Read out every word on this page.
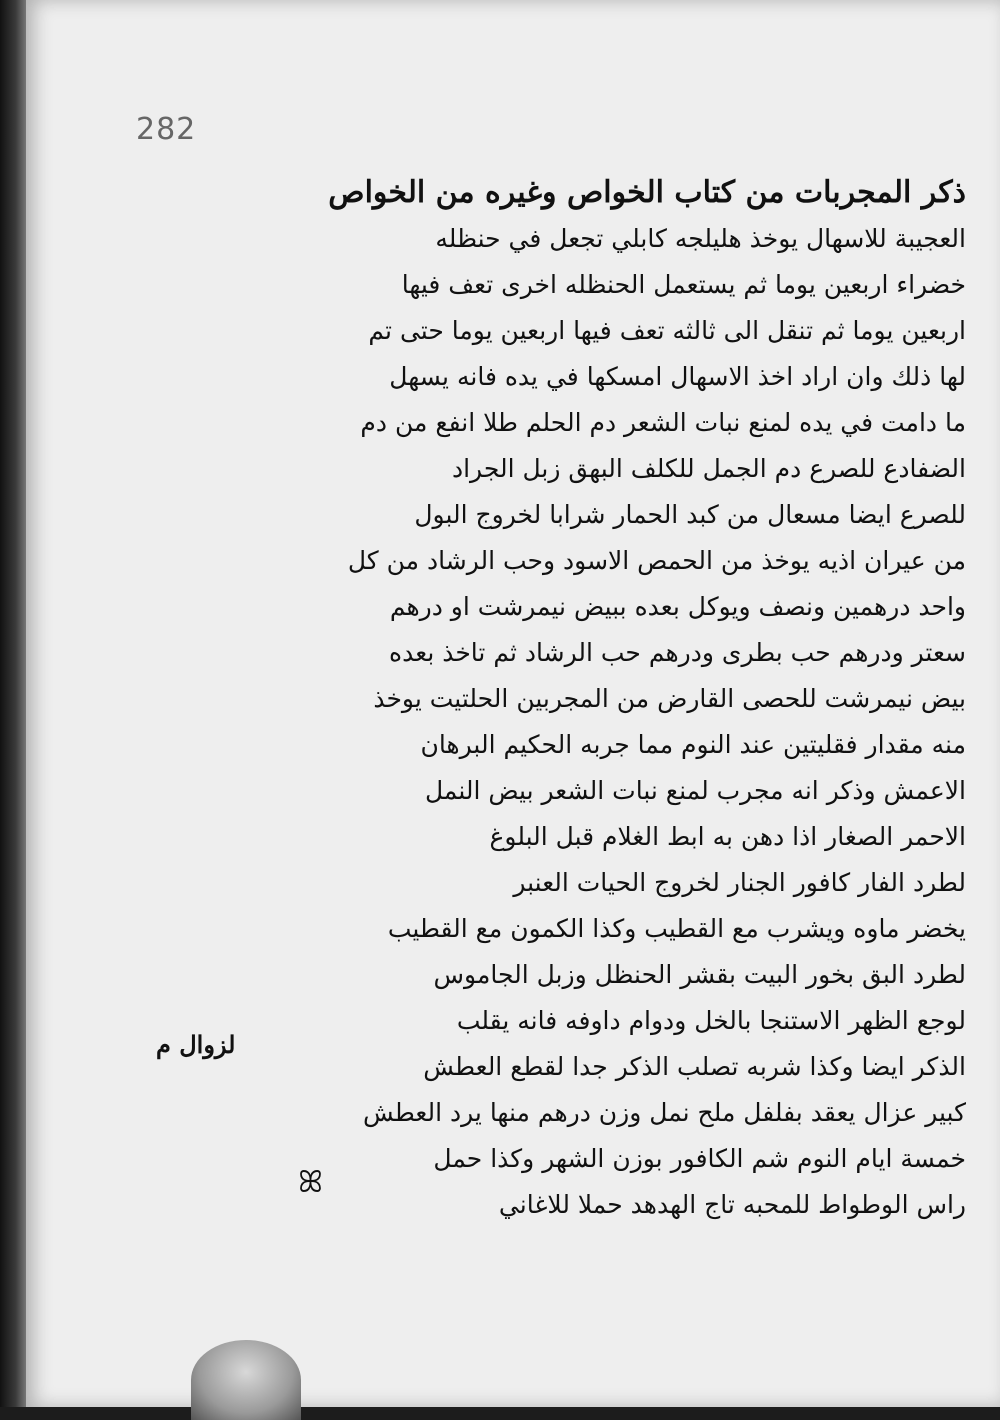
282
ذكر المجربات من كتاب الخواص وغيره من الخواص
العجيبة للاسهال يوخذ هليلجه كابلي تجعل في حنظله
خضراء اربعين يوما ثم يستعمل الحنظله اخرى تعف فيها
اربعين يوما ثم تنقل الى ثالثه تعف فيها اربعين يوما حتى تم
لها ذلك وان اراد اخذ الاسهال امسكها في يده فانه يسهل
ما دامت في يده لمنع نبات الشعر دم الحلم طلا انفع من دم
الضفادع للصرع دم الجمل للكلف البهق زبل الجراد
للصرع ايضا مسعال من كبد الحمار شرابا لخروج البول
من عيران اذيه يوخذ من الحمص الاسود وحب الرشاد من كل
واحد درهمين ونصف ويوكل بعده ببيض نيمرشت او درهم
سعتر ودرهم حب بطرى ودرهم حب الرشاد ثم تاخذ بعده
بيض نيمرشت للحصى القارض من المجربين الحلتيت يوخذ
منه مقدار فقليتين عند النوم مما جربه الحكيم البرهان
الاعمش وذكر انه مجرب لمنع نبات الشعر بيض النمل
الاحمر الصغار اذا دهن به ابط الغلام قبل البلوغ
لطرد الفار كافور الجنار لخروج الحيات العنبر
يخضر ماوه ويشرب مع القطيب وكذا الكمون مع القطيب
لطرد البق بخور البيت بقشر الحنظل وزبل الجاموس
لوجع الظهر الاستنجا بالخل ودوام داوفه فانه يقلب
الذكر ايضا وكذا شربه تصلب الذكر جدا لقطع العطش
كبير عزال يعقد بفلفل ملح نمل وزن درهم منها يرد العطش
خمسة ايام النوم شم الكافور بوزن الشهر وكذا حمل
راس الوطواط للمحبه تاج الهدهد حملا للاغاني
لزوال م
ꕤ
